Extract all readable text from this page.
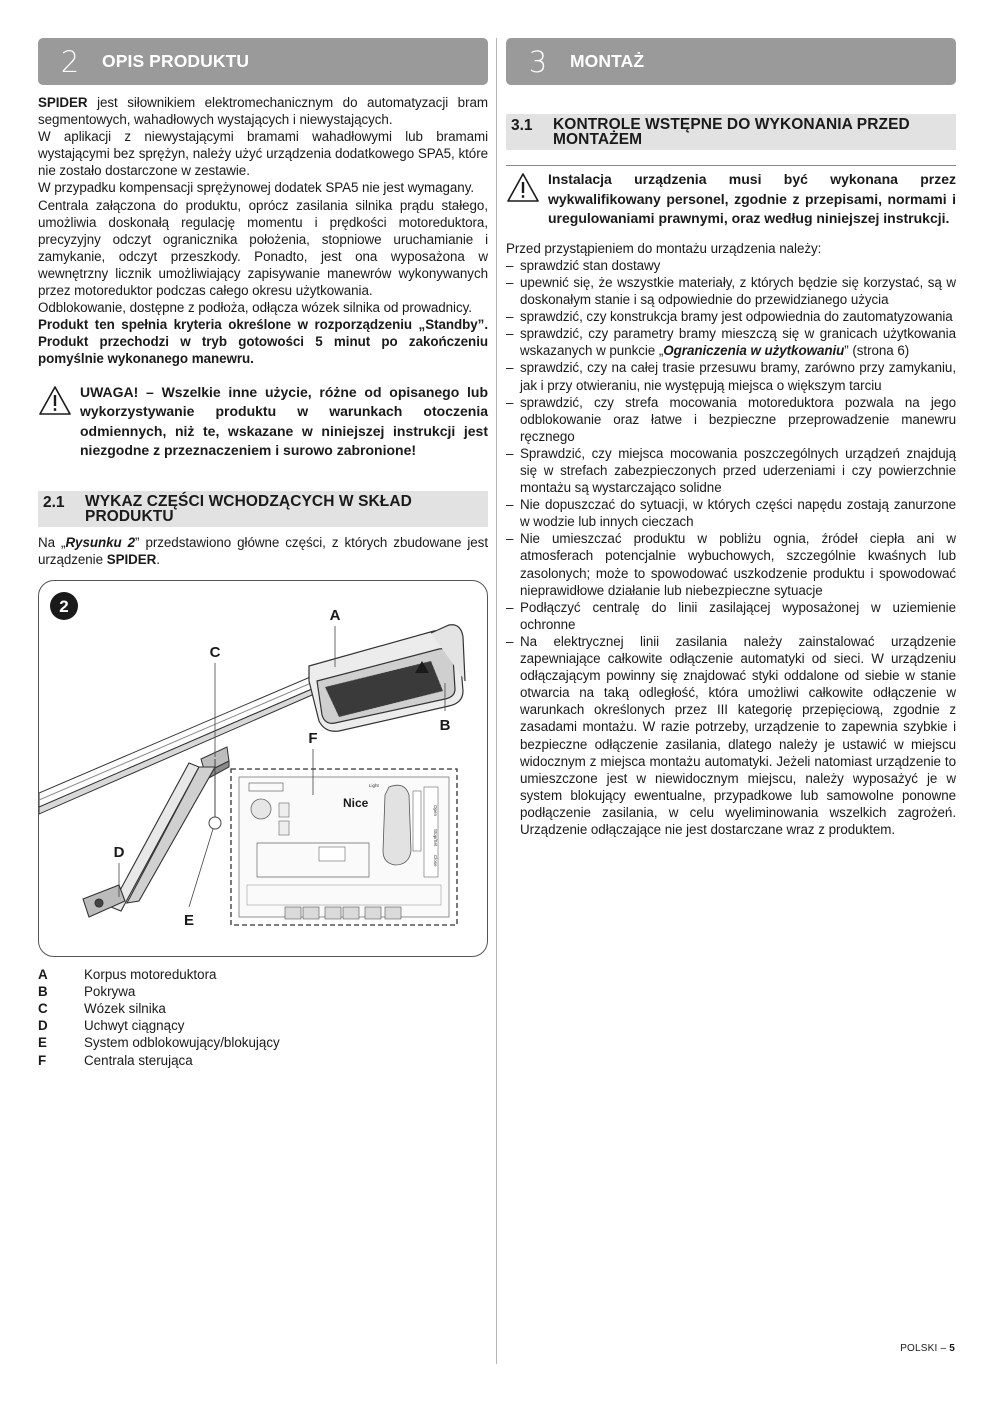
2	OPIS PRODUKTU

SPIDER jest siłownikiem elektromechanicznym do automatyzacji bram segmentowych, wahadłowych wystających i niewystających.

W aplikacji z niewystającymi bramami wahadłowymi lub bramami wystającymi bez sprężyn, należy użyć urządzenia dodatkowego SPA5, które nie zostało dostarczone w zestawie.

W przypadku kompensacji sprężynowej dodatek SPA5 nie jest wymagany.

Centrala załączona do produktu, oprócz zasilania silnika prądu stałego, umożliwia doskonałą regulację momentu i prędkości motoreduktora, precyzyjny odczyt ogranicznika położenia, stopniowe uruchamianie i zamykanie, odczyt przeszkody. Ponadto, jest ona wyposażona w wewnętrzny licznik umożliwiający zapisywanie manewrów wykonywanych przez motoreduktor podczas całego okresu użytkowania.

Odblokowanie, dostępne z podłoża, odłącza wózek silnika od prowadnicy.

Produkt ten spełnia kryteria określone w rozporządzeniu „Standby”. Produkt przechodzi w tryb gotowości 5 minut po zakończeniu pomyślnie wykonanego manewru.

UWAGA! – Wszelkie inne użycie, różne od opisanego lub wykorzystywanie produktu w warunkach otoczenia odmiennych, niż te, wskazane w niniejszej instrukcji jest niezgodne z przeznaczeniem i surowo zabronione!
2.1	WYKAZ CZĘŚCI WCHODZĄCYCH W SKŁAD PRODUKTU

Na „Rysunku 2” przedstawiono główne części, z których zbudowane jest urządzenie SPIDER.

2
Nice
Open
Stop/Set
Close
Light
A
B
C
D
E
F
A	Korpus motoreduktora
B	Pokrywa
C	Wózek silnika
D	Uchwyt ciągnący
E	System odblokowujący/blokujący
F	Centrala sterująca
3	MONTAŻ
3.1	KONTROLE WSTĘPNE DO WYKONANIA PRZED MONTAŻEM
Instalacja urządzenia musi być wykonana przez wykwalifikowany personel, zgodnie z przepisami, normami i uregulowaniami prawnymi, oraz według niniejszej instrukcji.

Przed przystąpieniem do montażu urządzenia należy:

– sprawdzić stan dostawy
– upewnić się, że wszystkie materiały, z których będzie się korzystać, są w doskonałym stanie i są odpowiednie do przewidzianego użycia
– sprawdzić, czy konstrukcja bramy jest odpowiednia do zautomatyzowania
– sprawdzić, czy parametry bramy mieszczą się w granicach użytkowania wskazanych w punkcie „Ograniczenia w użytkowaniu” (strona 6)
– sprawdzić, czy na całej trasie przesuwu bramy, zarówno przy zamykaniu, jak i przy otwieraniu, nie występują miejsca o większym tarciu
– sprawdzić, czy strefa mocowania motoreduktora pozwala na jego odblokowanie oraz łatwe i bezpieczne przeprowadzenie manewru ręcznego
– Sprawdzić, czy miejsca mocowania poszczególnych urządzeń znajdują się w strefach zabezpieczonych przed uderzeniami i czy powierzchnie montażu są wystarczająco solidne
– Nie dopuszczać do sytuacji, w których części napędu zostają zanurzone w wodzie lub innych cieczach
– Nie umieszczać produktu w pobliżu ognia, źródeł ciepła ani w atmosferach potencjalnie wybuchowych, szczególnie kwaśnych lub zasolonych; może to spowodować uszkodzenie produktu i spowodować nieprawidłowe działanie lub niebezpieczne sytuacje
– Podłączyć centralę do linii zasilającej wyposażonej w uziemienie ochronne
– Na elektrycznej linii zasilania należy zainstalować urządzenie zapewniające całkowite odłączenie automatyki od sieci. W urządzeniu odłączającym powinny się znajdować styki oddalone od siebie w stanie otwarcia na taką odległość, która umożliwi całkowite odłączenie w warunkach określonych przez III kategorię przepięciową, zgodnie z zasadami montażu. W razie potrzeby, urządzenie to zapewnia szybkie i bezpieczne odłączenie zasilania, dlatego należy je ustawić w miejscu widocznym z miejsca montażu automatyki. Jeżeli natomiast urządzenie to umieszczone jest w niewidocznym miejscu, należy wyposażyć je w system blokujący ewentualne, przypadkowe lub samowolne ponowne podłączenie zasilania, w celu wyeliminowania wszelkich zagrożeń. Urządzenie odłączające nie jest dostarczane wraz z produktem.
POLSKI – 5
